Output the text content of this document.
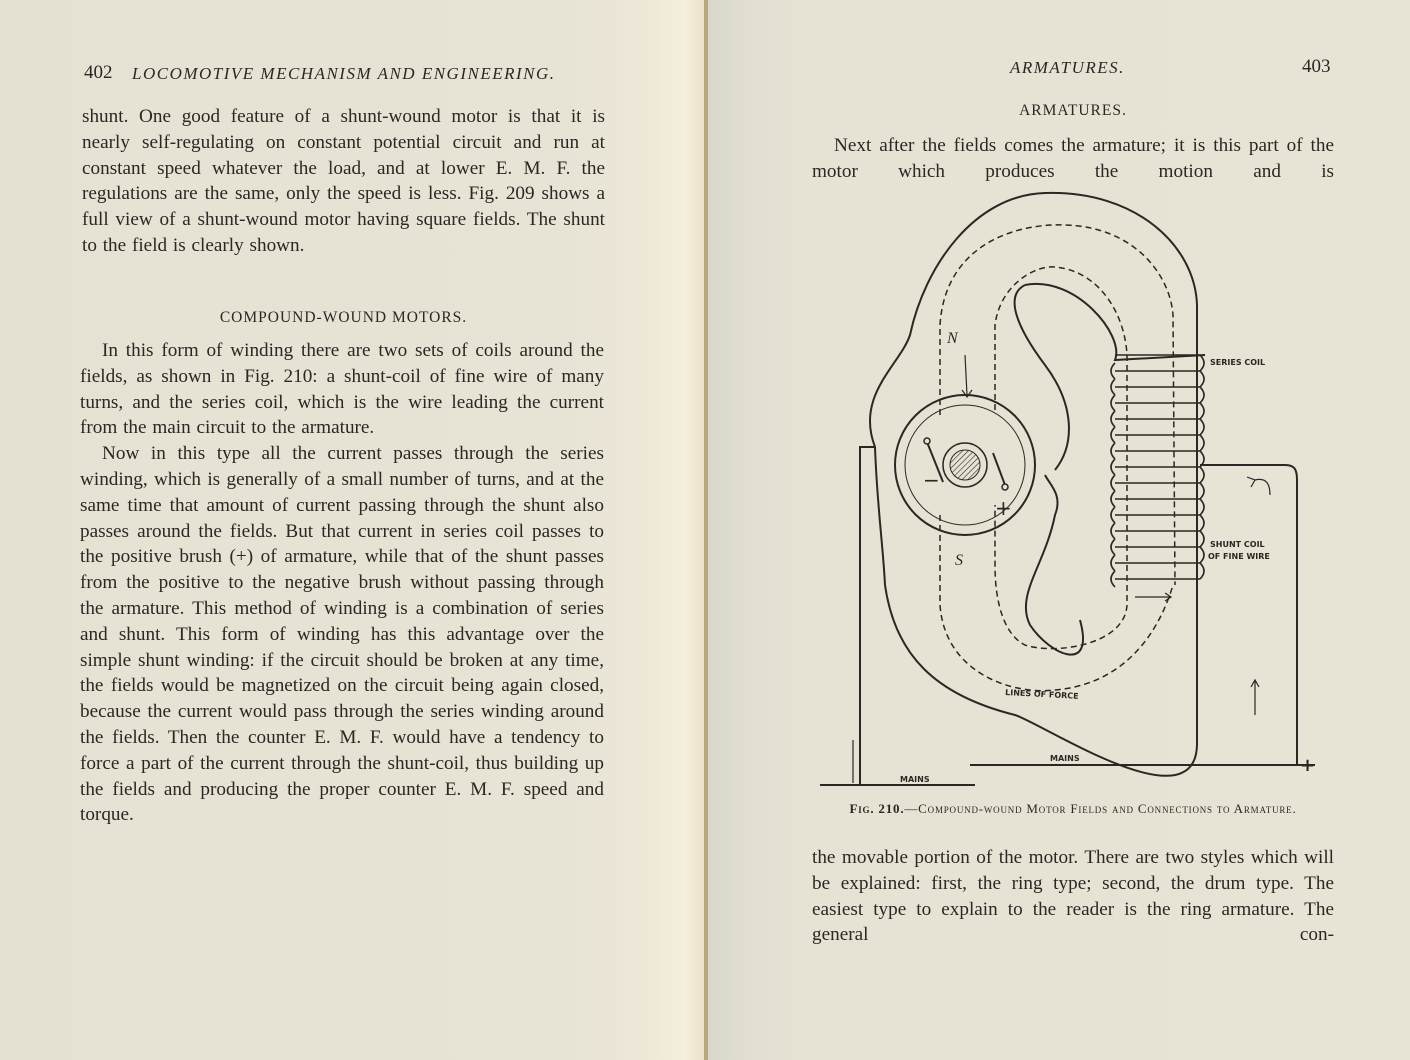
402 LOCOMOTIVE MECHANISM AND ENGINEERING.

shunt. One good feature of a shunt-wound motor is that it is nearly self-regulating on constant potential circuit and run at constant speed whatever the load, and at lower E. M. F. the regulations are the same, only the speed is less. Fig. 209 shows a full view of a shunt-wound motor having square fields. The shunt to the field is clearly shown.

COMPOUND-WOUND MOTORS.

In this form of winding there are two sets of coils around the fields, as shown in Fig. 210: a shunt-coil of fine wire of many turns, and the series coil, which is the wire leading the current from the main circuit to the armature.

Now in this type all the current passes through the series winding, which is generally of a small number of turns, and at the same time that amount of current passing through the shunt also passes around the fields. But that current in series coil passes to the positive brush (+) of armature, while that of the shunt passes from the positive to the negative brush without passing through the armature. This method of winding is a combination of series and shunt. This form of winding has this advantage over the simple shunt winding: if the circuit should be broken at any time, the fields would be magnetized on the circuit being again closed, because the current would pass through the series winding around the fields. Then the counter E. M. F. would have a tendency to force a part of the current through the shunt-coil, thus building up the fields and producing the proper counter E. M. F. speed and torque.

ARMATURES.	403
ARMATURES.

Next after the fields comes the armature; it is this part of the motor which produces the motion and is

N
S
+
−
SERIES COIL
SHUNT COIL
OF FINE WIRE
LINES OF FORCE
MAINS
MAINS
+
Fig. 210.—Compound-wound Motor Fields and Connections to Armature.

the movable portion of the motor. There are two styles which will be explained: first, the ring type; second, the drum type. The easiest type to explain to the reader is the ring armature. The general con-
